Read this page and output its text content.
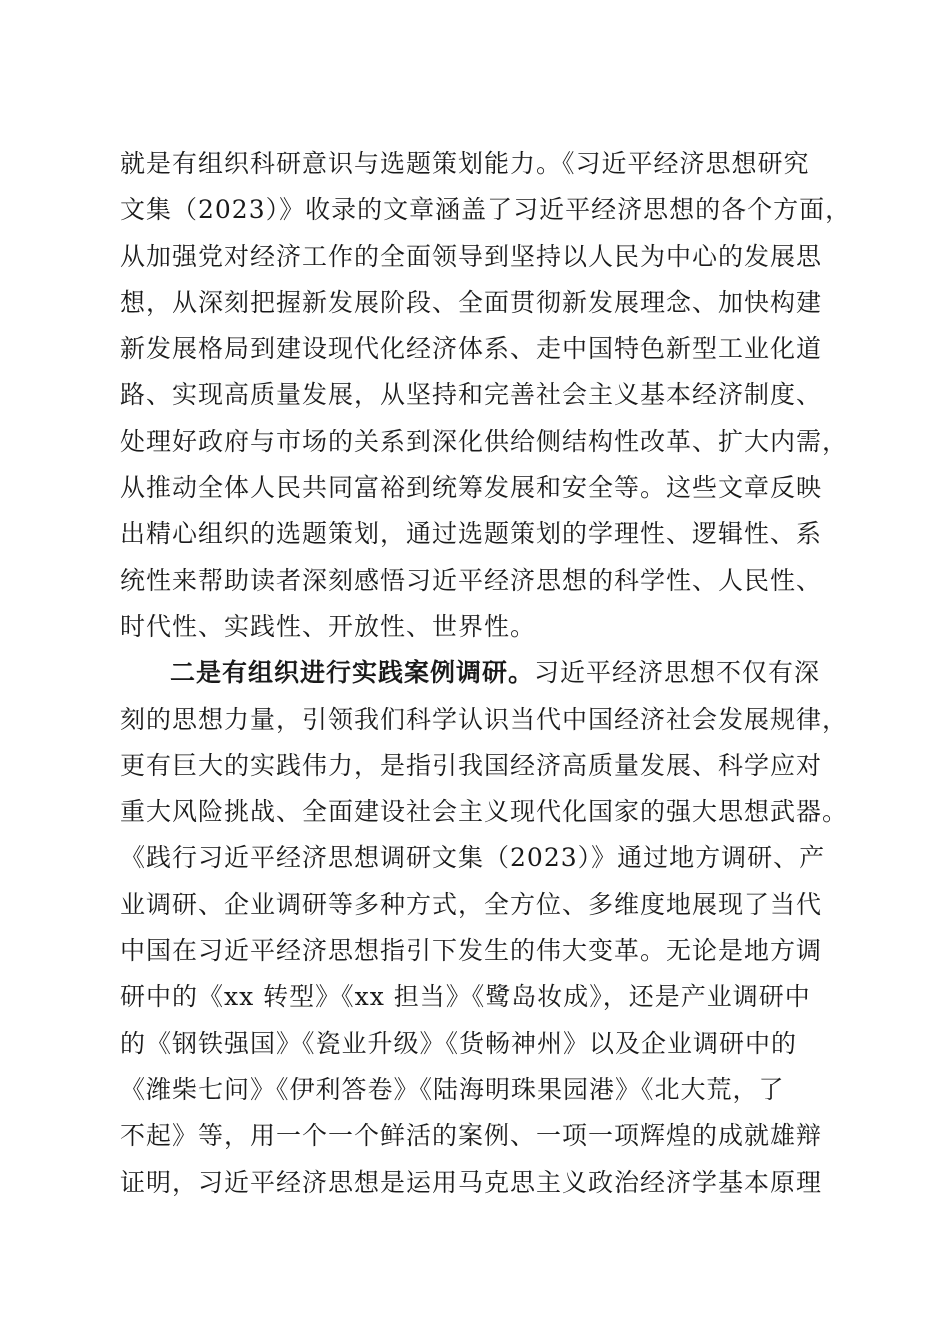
就是有组织科研意识与选题策划能力。《习近平经济思想研究
文集（2023）》收录的文章涵盖了习近平经济思想的各个方面，
从加强党对经济工作的全面领导到坚持以人民为中心的发展思
想，从深刻把握新发展阶段、全面贯彻新发展理念、加快构建
新发展格局到建设现代化经济体系、走中国特色新型工业化道
路、实现高质量发展，从坚持和完善社会主义基本经济制度、
处理好政府与市场的关系到深化供给侧结构性改革、扩大内需，
从推动全体人民共同富裕到统筹发展和安全等。这些文章反映
出精心组织的选题策划，通过选题策划的学理性、逻辑性、系
统性来帮助读者深刻感悟习近平经济思想的科学性、人民性、
时代性、实践性、开放性、世界性。
二是有组织进行实践案例调研。习近平经济思想不仅有深
刻的思想力量，引领我们科学认识当代中国经济社会发展规律，
更有巨大的实践伟力，是指引我国经济高质量发展、科学应对
重大风险挑战、全面建设社会主义现代化国家的强大思想武器。
《践行习近平经济思想调研文集（2023）》通过地方调研、产
业调研、企业调研等多种方式，全方位、多维度地展现了当代
中国在习近平经济思想指引下发生的伟大变革。无论是地方调
研中的《xx 转型》《xx 担当》《鹭岛妆成》，还是产业调研中
的《钢铁强国》《瓷业升级》《货畅神州》以及企业调研中的
《潍柴七问》《伊利答卷》《陆海明珠果园港》《北大荒，了
不起》等，用一个一个鲜活的案例、一项一项辉煌的成就雄辩
证明，习近平经济思想是运用马克思主义政治经济学基本原理
